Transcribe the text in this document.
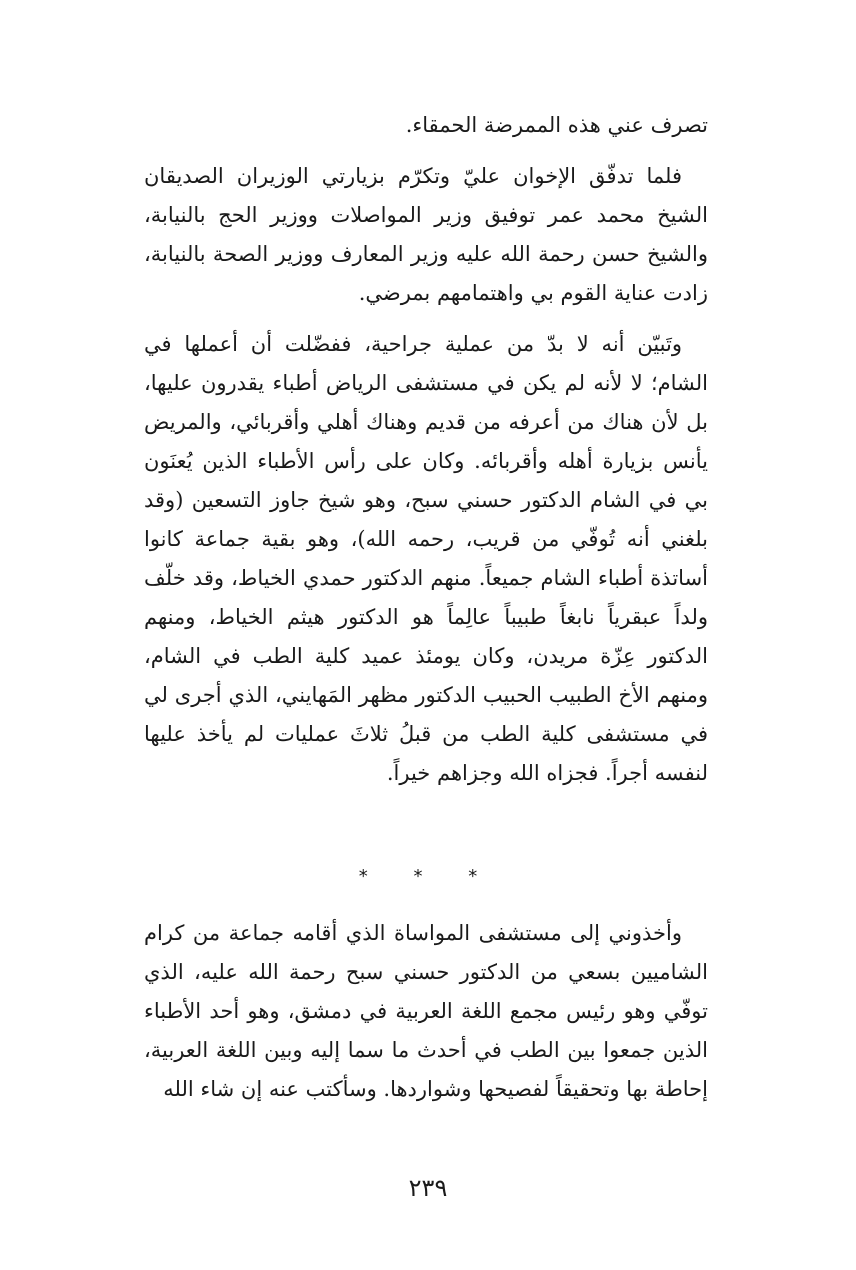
تصرف عني هذه الممرضة الحمقاء.

فلما تدفّق الإخوان عليّ وتكرّم بزيارتي الوزيران الصديقان الشيخ محمد عمر توفيق وزير المواصلات ووزير الحج بالنيابة، والشيخ حسن رحمة الله عليه وزير المعارف ووزير الصحة بالنيابة، زادت عناية القوم بي واهتمامهم بمرضي.

وتَبيّن أنه لا بدّ من عملية جراحية، ففضّلت أن أعملها في الشام؛ لا لأنه لم يكن في مستشفى الرياض أطباء يقدرون عليها، بل لأن هناك من أعرفه من قديم وهناك أهلي وأقربائي، والمريض يأنس بزيارة أهله وأقربائه. وكان على رأس الأطباء الذين يُعنَون بي في الشام الدكتور حسني سبح، وهو شيخ جاوز التسعين (وقد بلغني أنه تُوفّي من قريب، رحمه الله)، وهو بقية جماعة كانوا أساتذة أطباء الشام جميعاً. منهم الدكتور حمدي الخياط، وقد خلّف ولداً عبقرياً نابغاً طبيباً عالِماً هو الدكتور هيثم الخياط، ومنهم الدكتور عِزّة مريدن، وكان يومئذ عميد كلية الطب في الشام، ومنهم الأخ الطبيب الحبيب الدكتور مظهر المَهايني، الذي أجرى لي في مستشفى كلية الطب من قبلُ ثلاثَ عمليات لم يأخذ عليها لنفسه أجراً. فجزاه الله وجزاهم خيراً.

* * *

وأخذوني إلى مستشفى المواساة الذي أقامه جماعة من كرام الشاميين بسعي من الدكتور حسني سبح رحمة الله عليه، الذي توفّي وهو رئيس مجمع اللغة العربية في دمشق، وهو أحد الأطباء الذين جمعوا بين الطب في أحدث ما سما إليه وبين اللغة العربية، إحاطة بها وتحقيقاً لفصيحها وشواردها. وسأكتب عنه إن شاء الله

٢٣٩
